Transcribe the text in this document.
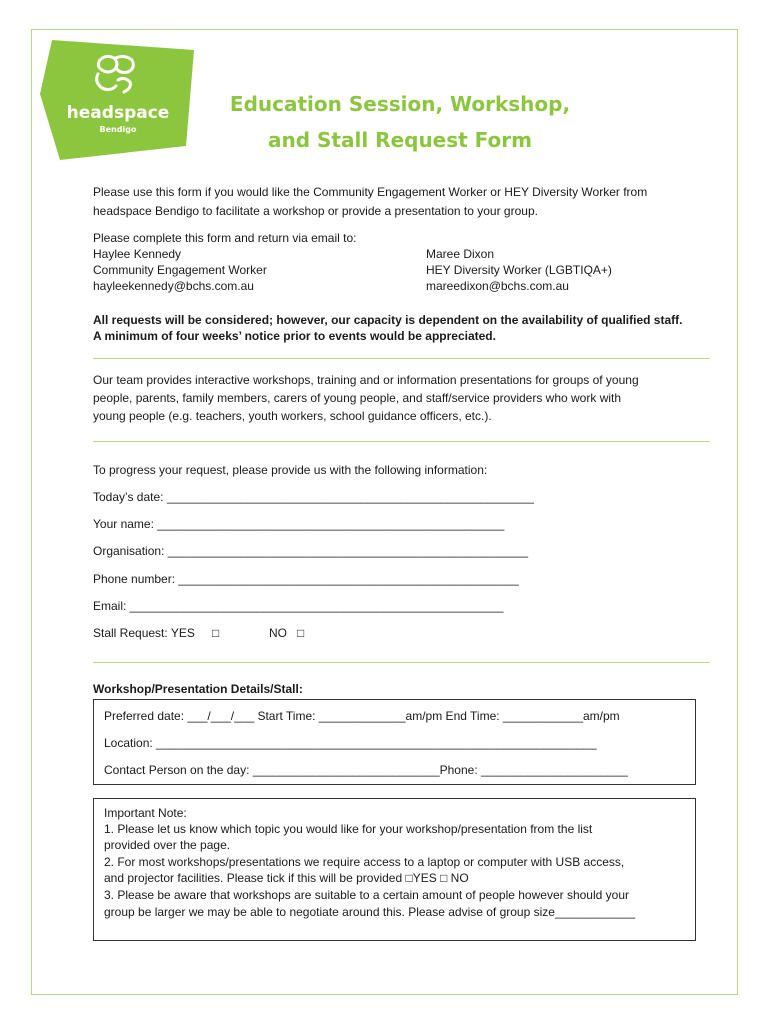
headspace
Bendigo
Education Session, Workshop,
and Stall Request Form
Please use this form if you would like the Community Engagement Worker or HEY Diversity Worker from
headspace Bendigo to facilitate a workshop or provide a presentation to your group.
Please complete this form and return via email to:
Haylee Kennedy
Community Engagement Worker
hayleekennedy@bchs.com.au
Maree Dixon
HEY Diversity Worker (LGBTIQA+)
mareedixon@bchs.com.au
All requests will be considered; however, our capacity is dependent on the availability of qualified staff.
A minimum of four weeks’ notice prior to events would be appreciated.
Our team provides interactive workshops, training and or information presentations for groups of young
people, parents, family members, carers of young people, and staff/service providers who work with
young people (e.g. teachers, youth workers, school guidance officers, etc.).
To progress your request, please provide us with the following information:
Today’s date: _______________________________________________________
Your name: ____________________________________________________
Organisation: ______________________________________________________
Phone number: ___________________________________________________
Email: ________________________________________________________
Stall Request: YES □	NO □
Workshop/Presentation Details/Stall:
Preferred date: ___/___/___ Start Time: _____________am/pm End Time: ____________am/pm
Location: __________________________________________________________________
Contact Person on the day: ____________________________Phone: ______________________
Important Note:
1. Please let us know which topic you would like for your workshop/presentation from the list
provided over the page.
2. For most workshops/presentations we require access to a laptop or computer with USB access,
and projector facilities. Please tick if this will be provided □YES □ NO
3. Please be aware that workshops are suitable to a certain amount of people however should your
group be larger we may be able to negotiate around this. Please advise of group size____________
